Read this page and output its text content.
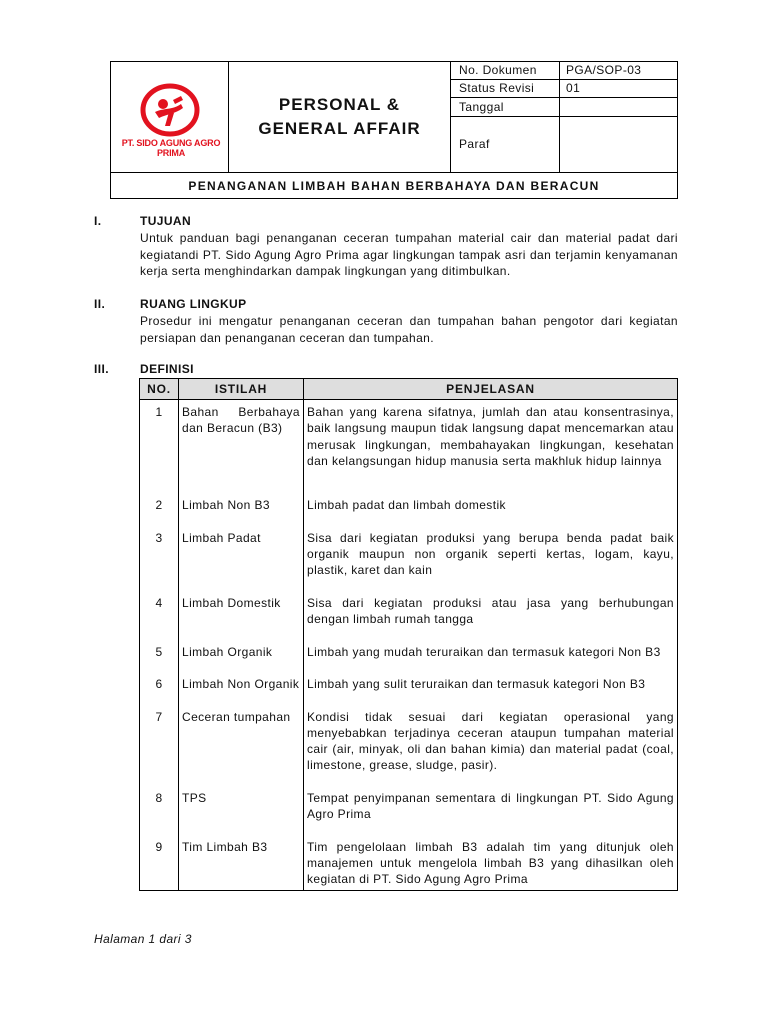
PT. SIDO AGUNG AGRO PRIMA
PERSONAL &
GENERAL AFFAIR
No. Dokumen	PGA/SOP-03
Status Revisi	01
Tanggal
Paraf
PENANGANAN LIMBAH BAHAN BERBAHAYA DAN BERACUN
I.	TUJUAN
Untuk panduan bagi penanganan ceceran tumpahan material cair dan material padat dari kegiatandi PT. Sido Agung Agro Prima agar lingkungan tampak asri dan terjamin kenyamanan kerja serta menghindarkan dampak lingkungan yang ditimbulkan.
II.	RUANG LINGKUP
Prosedur ini mengatur penanganan ceceran dan tumpahan bahan pengotor dari kegiatan persiapan dan penanganan ceceran dan tumpahan.
III.	DEFINISI
NO.	ISTILAH	PENJELASAN
1	Bahan Berbahaya dan Beracun (B3)	Bahan yang karena sifatnya, jumlah dan atau konsentrasinya, baik langsung maupun tidak langsung dapat mencemarkan atau merusak lingkungan, membahayakan lingkungan, kesehatan dan kelangsungan hidup manusia serta makhluk hidup lainnya
2	Limbah Non B3	Limbah padat dan limbah domestik
3	Limbah Padat	Sisa dari kegiatan produksi yang berupa benda padat baik organik maupun non organik seperti kertas, logam, kayu, plastik, karet dan kain
4	Limbah Domestik	Sisa dari kegiatan produksi atau jasa yang berhubungan dengan limbah rumah tangga
5	Limbah Organik	Limbah yang mudah teruraikan dan termasuk kategori Non B3
6	Limbah Non Organik	Limbah yang sulit teruraikan dan termasuk kategori Non B3
7	Ceceran tumpahan	Kondisi tidak sesuai dari kegiatan operasional yang menyebabkan terjadinya ceceran ataupun tumpahan material cair (air, minyak, oli dan bahan kimia) dan material padat (coal, limestone, grease, sludge, pasir).
8	TPS	Tempat penyimpanan sementara di lingkungan PT. Sido Agung Agro Prima
9	Tim Limbah B3	Tim pengelolaan limbah B3 adalah tim yang ditunjuk oleh manajemen untuk mengelola limbah B3 yang dihasilkan oleh kegiatan di PT. Sido Agung Agro Prima
Halaman 1 dari 3
